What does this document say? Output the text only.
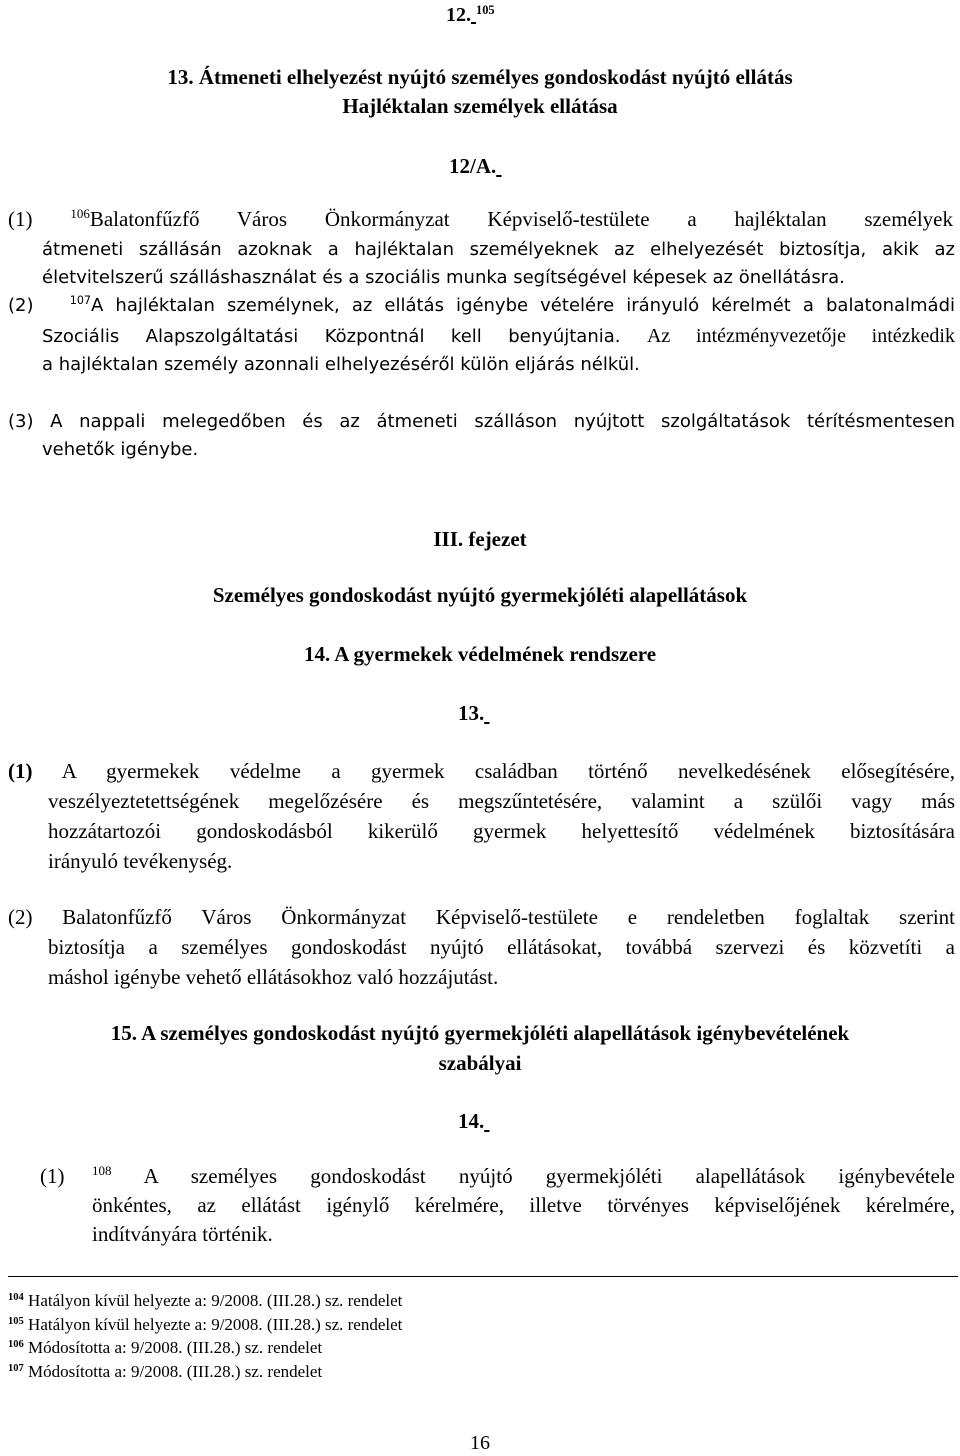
12. $^{105}$
13. Átmeneti elhelyezést nyújtó személyes gondoskodást nyújtó ellátás
Hajléktalan személyek ellátása
12/A.
(1)	$^{106}$Balatonfűzfő Város Önkormányzat Képviselő-testülete a hajléktalan személyek
átmeneti szállásán azoknak a hajléktalan személyeknek az elhelyezését biztosítja, akik az
életvitelszerű szálláshasználat és a szociális munka segítségével képesek az önellátásra.
(2)	$^{107}$A hajléktalan személynek, az ellátás igénybe vételére irányuló kérelmét a balatonalmádi
Szociális Alapszolgáltatási Központnál kell benyújtania. Az intézményvezetője intézkedik
a hajléktalan személy azonnali elhelyezéséről külön eljárás nélkül.
(3) A nappali melegedőben és az átmeneti szálláson nyújtott szolgáltatások térítésmentesen
vehetők igénybe.
III. fejezet
Személyes gondoskodást nyújtó gyermekjóléti alapellátások
14. A gyermekek védelmének rendszere
13.
(1) A gyermekek védelme a gyermek családban történő nevelkedésének elősegítésére,
veszélyeztetettségének megelőzésére és megszűntetésére, valamint a szülői vagy más
hozzátartozói gondoskodásból kikerülő gyermek helyettesítő védelmének biztosítására
irányuló tevékenység.
(2) Balatonfűzfő Város Önkormányzat Képviselő-testülete e rendeletben foglaltak szerint
biztosítja a személyes gondoskodást nyújtó ellátásokat, továbbá szervezi és közvetíti a
máshol igénybe vehető ellátásokhoz való hozzájutást.
15. A személyes gondoskodást nyújtó gyermekjóléti alapellátások igénybevételének
szabályai
14.
(1) $^{108}$ A személyes gondoskodást nyújtó gyermekjóléti alapellátások igénybevétele
önkéntes, az ellátást igénylő kérelmére, illetve törvényes képviselőjének kérelmére,
indítványára történik.
$^{104}$ Hatályon kívül helyezte a: 9/2008. (III.28.) sz. rendelet
$^{105}$ Hatályon kívül helyezte a: 9/2008. (III.28.) sz. rendelet
$^{106}$ Módosította a: 9/2008. (III.28.) sz. rendelet
$^{107}$ Módosította a: 9/2008. (III.28.) sz. rendelet
16
